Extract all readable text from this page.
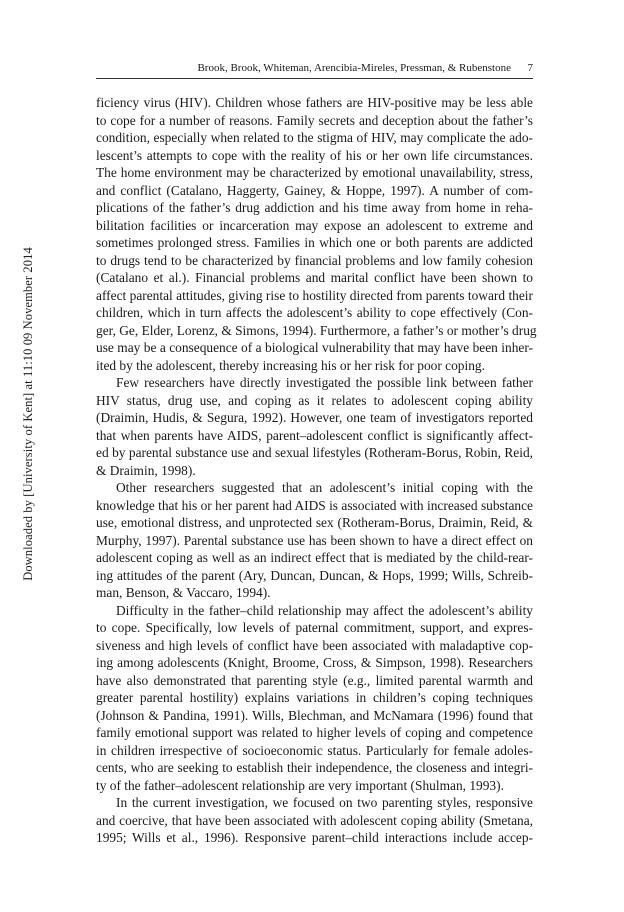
Downloaded by [University of Kent] at 11:10 09 November 2014
Brook, Brook, Whiteman, Arencibia-Mireles, Pressman, & Rubenstone 7
ficiency virus (HIV). Children whose fathers are HIV-positive may be less able
to cope for a number of reasons. Family secrets and deception about the father’s
condition, especially when related to the stigma of HIV, may complicate the ado-
lescent’s attempts to cope with the reality of his or her own life circumstances.
The home environment may be characterized by emotional unavailability, stress,
and conflict (Catalano, Haggerty, Gainey, & Hoppe, 1997). A number of com-
plications of the father’s drug addiction and his time away from home in reha-
bilitation facilities or incarceration may expose an adolescent to extreme and
sometimes prolonged stress. Families in which one or both parents are addicted
to drugs tend to be characterized by financial problems and low family cohesion
(Catalano et al.). Financial problems and marital conflict have been shown to
affect parental attitudes, giving rise to hostility directed from parents toward their
children, which in turn affects the adolescent’s ability to cope effectively (Con-
ger, Ge, Elder, Lorenz, & Simons, 1994). Furthermore, a father’s or mother’s drug
use may be a consequence of a biological vulnerability that may have been inher-
ited by the adolescent, thereby increasing his or her risk for poor coping.
Few researchers have directly investigated the possible link between father
HIV status, drug use, and coping as it relates to adolescent coping ability
(Draimin, Hudis, & Segura, 1992). However, one team of investigators reported
that when parents have AIDS, parent–adolescent conflict is significantly affect-
ed by parental substance use and sexual lifestyles (Rotheram-Borus, Robin, Reid,
& Draimin, 1998).
Other researchers suggested that an adolescent’s initial coping with the
knowledge that his or her parent had AIDS is associated with increased substance
use, emotional distress, and unprotected sex (Rotheram-Borus, Draimin, Reid, &
Murphy, 1997). Parental substance use has been shown to have a direct effect on
adolescent coping as well as an indirect effect that is mediated by the child-rear-
ing attitudes of the parent (Ary, Duncan, Duncan, & Hops, 1999; Wills, Schreib-
man, Benson, & Vaccaro, 1994).
Difficulty in the father–child relationship may affect the adolescent’s ability
to cope. Specifically, low levels of paternal commitment, support, and expres-
siveness and high levels of conflict have been associated with maladaptive cop-
ing among adolescents (Knight, Broome, Cross, & Simpson, 1998). Researchers
have also demonstrated that parenting style (e.g., limited parental warmth and
greater parental hostility) explains variations in children’s coping techniques
(Johnson & Pandina, 1991). Wills, Blechman, and McNamara (1996) found that
family emotional support was related to higher levels of coping and competence
in children irrespective of socioeconomic status. Particularly for female adoles-
cents, who are seeking to establish their independence, the closeness and integri-
ty of the father–adolescent relationship are very important (Shulman, 1993).
In the current investigation, we focused on two parenting styles, responsive
and coercive, that have been associated with adolescent coping ability (Smetana,
1995; Wills et al., 1996). Responsive parent–child interactions include accep-
